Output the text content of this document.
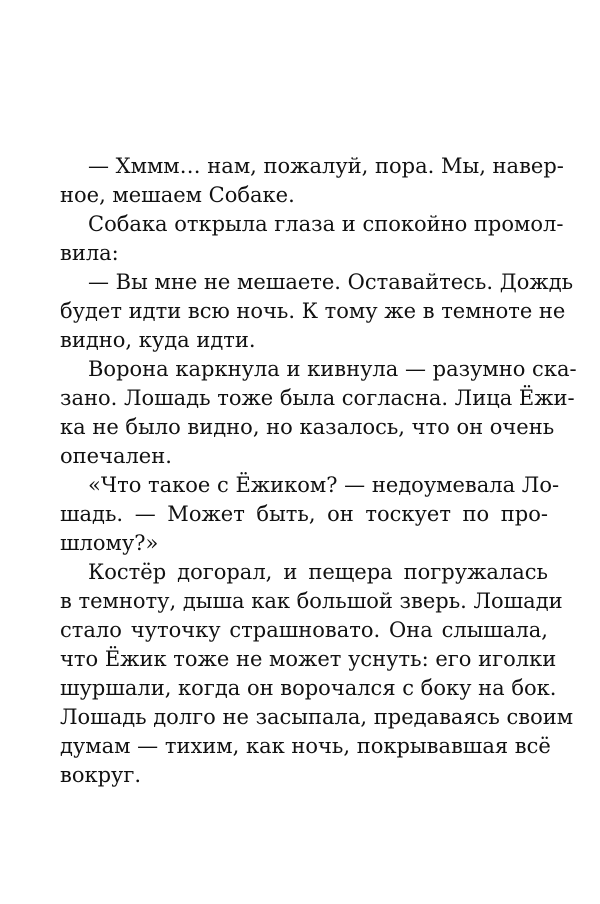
— Хммм… нам, пожалуй, пора. Мы, навер-
ное, мешаем Собаке.
Собака открыла глаза и спокойно промол-
вила:
— Вы мне не мешаете. Оставайтесь. Дождь
будет идти всю ночь. К тому же в темноте не
видно, куда идти.
Ворона каркнула и кивнула — разумно ска-
зано. Лошадь тоже была согласна. Лица Ёжи-
ка не было видно, но казалось, что он очень
опечален.
«Что такое с Ёжиком? — недоумевала Ло-
шадь. — Может быть, он тоскует по про-
шлому?»
Костёр догорал, и пещера погружалась
в темноту, дыша как большой зверь. Лошади
стало чуточку страшновато. Она слышала,
что Ёжик тоже не может уснуть: его иголки
шуршали, когда он ворочался с боку на бок.
Лошадь долго не засыпала, предаваясь своим
думам — тихим, как ночь, покрывавшая всё
вокруг.
